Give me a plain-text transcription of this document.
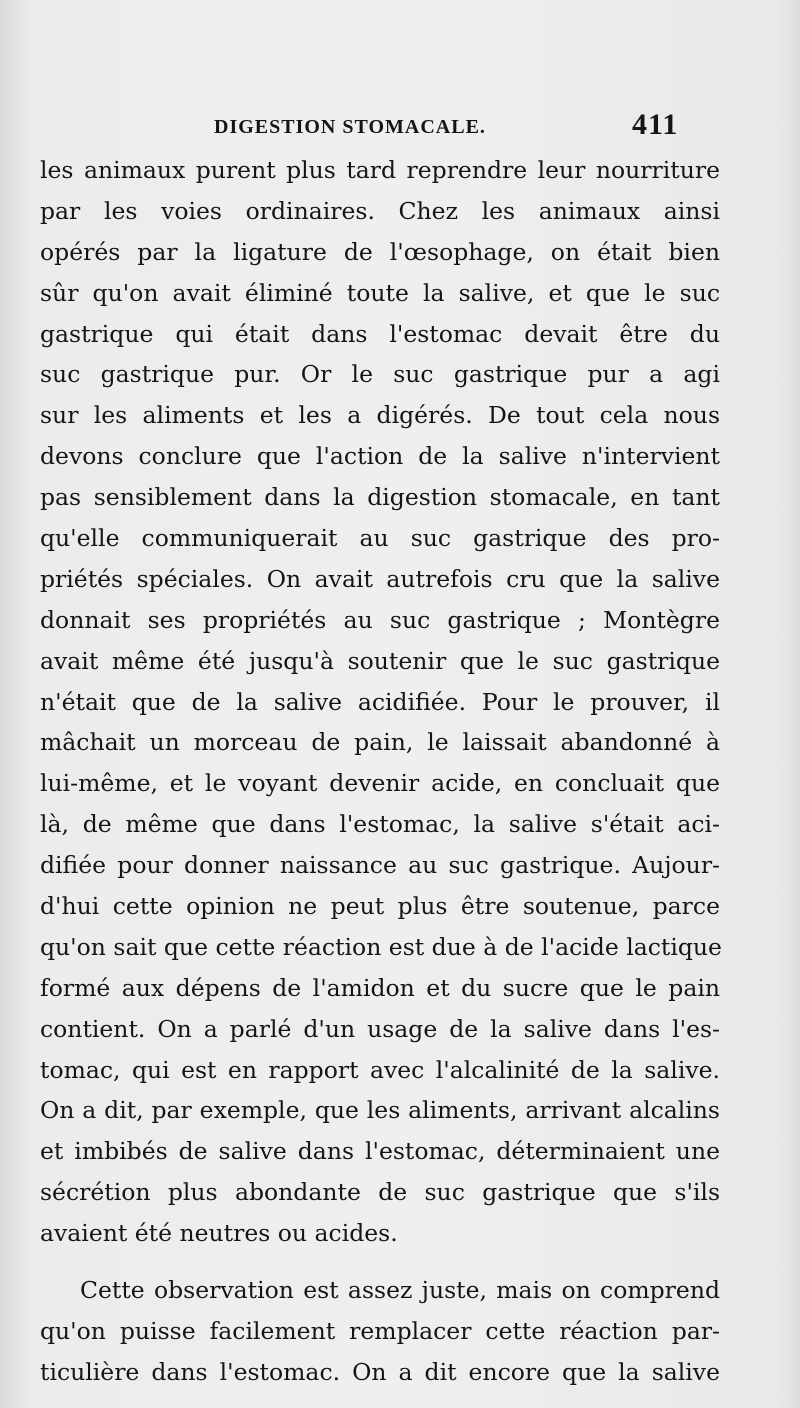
DIGESTION STOMACALE.	411
les animaux purent plus tard reprendre leur nourriture
par les voies ordinaires. Chez les animaux ainsi
opérés par la ligature de l'œsophage, on était bien
sûr qu'on avait éliminé toute la salive, et que le suc
gastrique qui était dans l'estomac devait être du
suc gastrique pur. Or le suc gastrique pur a agi
sur les aliments et les a digérés. De tout cela nous
devons conclure que l'action de la salive n'intervient
pas sensiblement dans la digestion stomacale, en tant
qu'elle communiquerait au suc gastrique des pro-
priétés spéciales. On avait autrefois cru que la salive
donnait ses propriétés au suc gastrique ; Montègre
avait même été jusqu'à soutenir que le suc gastrique
n'était que de la salive acidifiée. Pour le prouver, il
mâchait un morceau de pain, le laissait abandonné à
lui-même, et le voyant devenir acide, en concluait que
là, de même que dans l'estomac, la salive s'était aci-
difiée pour donner naissance au suc gastrique. Aujour-
d'hui cette opinion ne peut plus être soutenue, parce
qu'on sait que cette réaction est due à de l'acide lactique
formé aux dépens de l'amidon et du sucre que le pain
contient. On a parlé d'un usage de la salive dans l'es-
tomac, qui est en rapport avec l'alcalinité de la salive.
On a dit, par exemple, que les aliments, arrivant alcalins
et imbibés de salive dans l'estomac, déterminaient une
sécrétion plus abondante de suc gastrique que s'ils
avaient été neutres ou acides.
Cette observation est assez juste, mais on comprend
qu'on puisse facilement remplacer cette réaction par-
ticulière dans l'estomac. On a dit encore que la salive
